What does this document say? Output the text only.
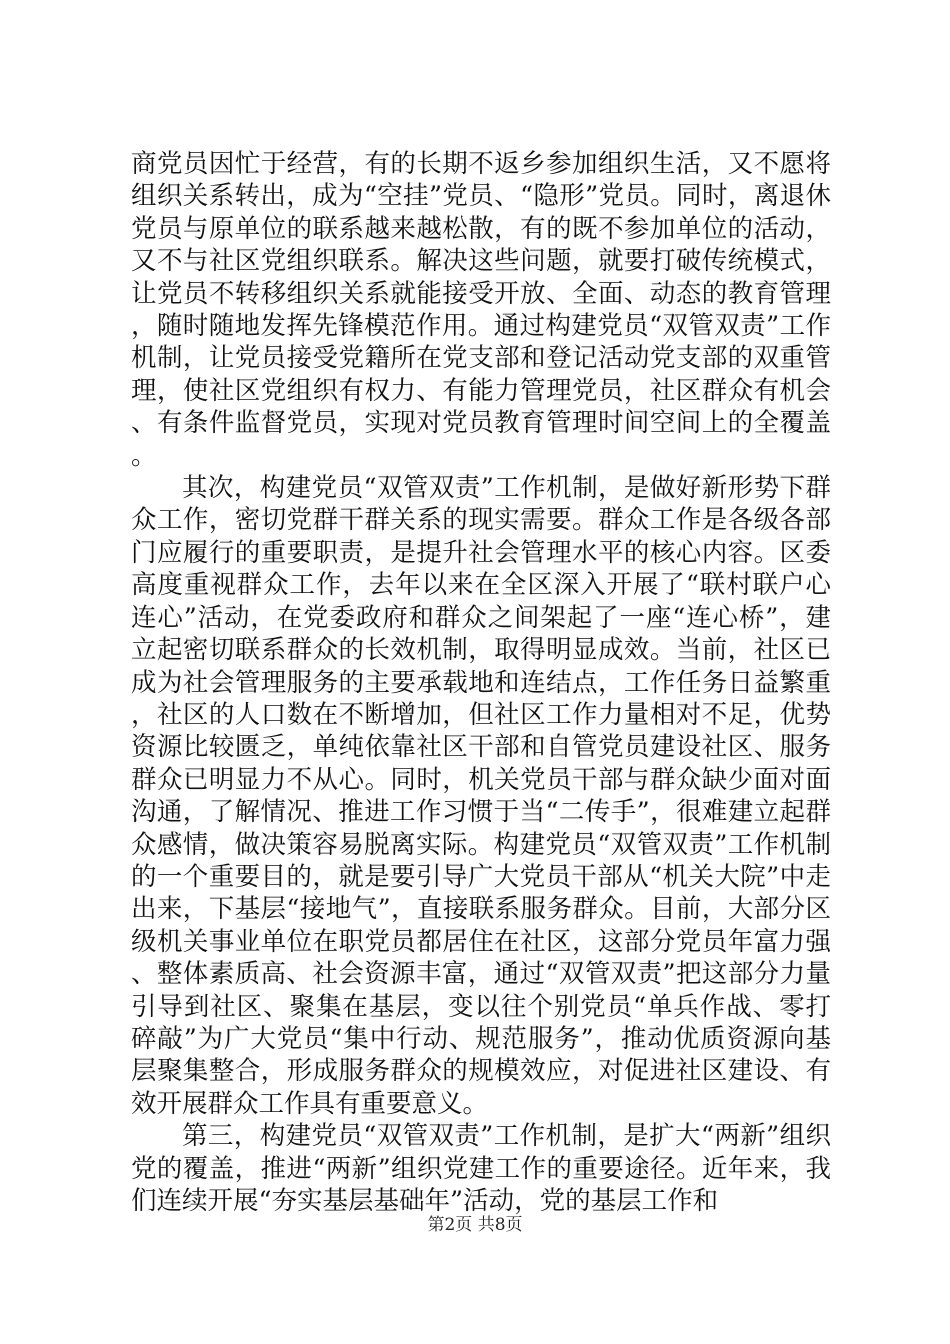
商党员因忙于经营，有的长期不返乡参加组织生活，又不愿将组织关系转出，成为“空挂”党员、“隐形”党员。同时，离退休党员与原单位的联系越来越松散，有的既不参加单位的活动，又不与社区党组织联系。解决这些问题，就要打破传统模式，让党员不转移组织关系就能接受开放、全面、动态的教育管理，随时随地发挥先锋模范作用。通过构建党员“双管双责”工作机制，让党员接受党籍所在党支部和登记活动党支部的双重管理，使社区党组织有权力、有能力管理党员，社区群众有机会、有条件监督党员，实现对党员教育管理时间空间上的全覆盖。

其次，构建党员“双管双责”工作机制，是做好新形势下群众工作，密切党群干群关系的现实需要。群众工作是各级各部门应履行的重要职责，是提升社会管理水平的核心内容。区委高度重视群众工作，去年以来在全区深入开展了“联村联户心连心”活动，在党委政府和群众之间架起了一座“连心桥”，建立起密切联系群众的长效机制，取得明显成效。当前，社区已成为社会管理服务的主要承载地和连结点，工作任务日益繁重，社区的人口数在不断增加，但社区工作力量相对不足，优势资源比较匮乏，单纯依靠社区干部和自管党员建设社区、服务群众已明显力不从心。同时，机关党员干部与群众缺少面对面沟通，了解情况、推进工作习惯于当“二传手”，很难建立起群众感情，做决策容易脱离实际。构建党员“双管双责”工作机制的一个重要目的，就是要引导广大党员干部从“机关大院”中走出来，下基层“接地气”，直接联系服务群众。目前，大部分区级机关事业单位在职党员都居住在社区，这部分党员年富力强、整体素质高、社会资源丰富，通过“双管双责”把这部分力量引导到社区、聚集在基层，变以往个别党员“单兵作战、零打碎敲”为广大党员“集中行动、规范服务”，推动优质资源向基层聚集整合，形成服务群众的规模效应，对促进社区建设、有效开展群众工作具有重要意义。

第三，构建党员“双管双责”工作机制，是扩大“两新”组织党的覆盖，推进“两新”组织党建工作的重要途径。近年来，我们连续开展“夯实基层基础年”活动，党的基层工作和

第2页 共8页
